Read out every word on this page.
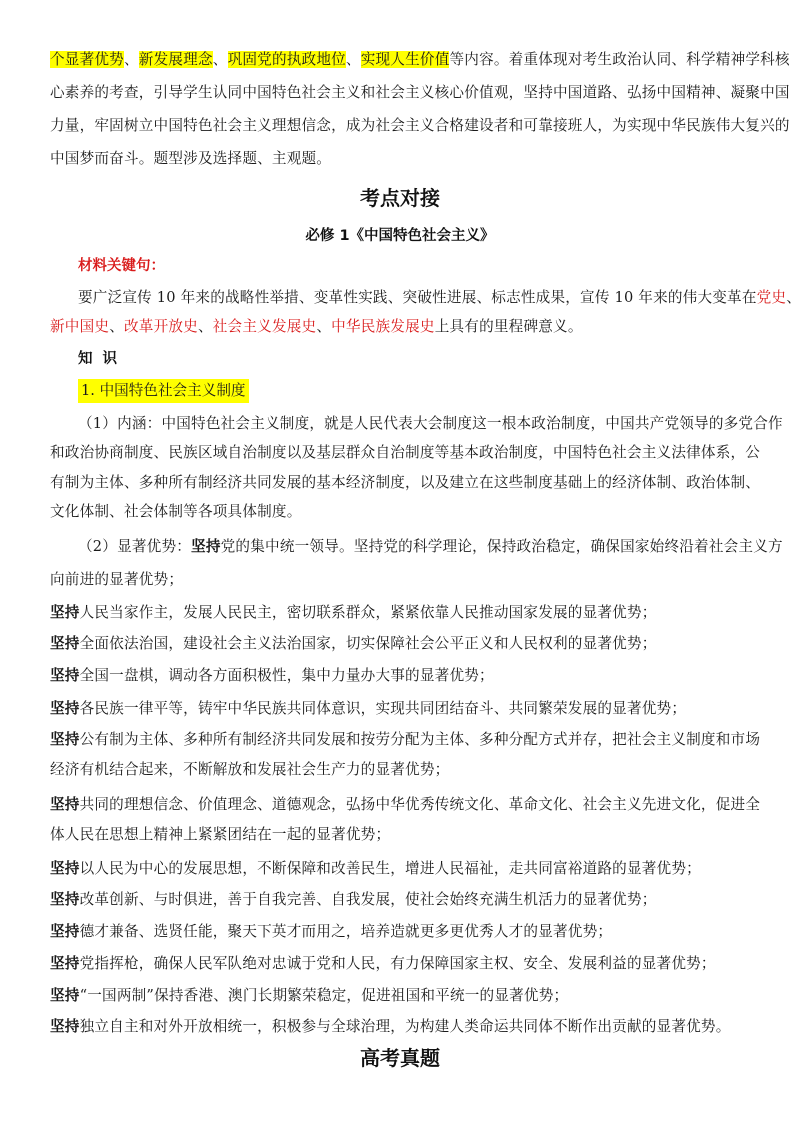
个显著优势、新发展理念、巩固党的执政地位、实现人生价值等内容。着重体现对考生政治认同、科学精神学科核
心素养的考查，引导学生认同中国特色社会主义和社会主义核心价值观，坚持中国道路、弘扬中国精神、凝聚中国
力量，牢固树立中国特色社会主义理想信念，成为社会主义合格建设者和可靠接班人，为实现中华民族伟大复兴的
中国梦而奋斗。题型涉及选择题、主观题。
考点对接
必修 1《中国特色社会主义》
材料关键句：
要广泛宣传 10 年来的战略性举措、变革性实践、突破性进展、标志性成果，宣传 10 年来的伟大变革在党史、
新中国史、改革开放史、社会主义发展史、中华民族发展史上具有的里程碑意义。
知识
1. 中国特色社会主义制度
（1）内涵：中国特色社会主义制度，就是人民代表大会制度这一根本政治制度，中国共产党领导的多党合作
和政治协商制度、民族区域自治制度以及基层群众自治制度等基本政治制度，中国特色社会主义法律体系，公
有制为主体、多种所有制经济共同发展的基本经济制度，以及建立在这些制度基础上的经济体制、政治体制、
文化体制、社会体制等各项具体制度。
（2）显著优势：坚持党的集中统一领导。坚持党的科学理论，保持政治稳定，确保国家始终沿着社会主义方
向前进的显著优势；
坚持人民当家作主，发展人民民主，密切联系群众，紧紧依靠人民推动国家发展的显著优势；
坚持全面依法治国，建设社会主义法治国家，切实保障社会公平正义和人民权利的显著优势；
坚持全国一盘棋，调动各方面积极性，集中力量办大事的显著优势；
坚持各民族一律平等，铸牢中华民族共同体意识，实现共同团结奋斗、共同繁荣发展的显著优势；
坚持公有制为主体、多种所有制经济共同发展和按劳分配为主体、多种分配方式并存，把社会主义制度和市场
经济有机结合起来，不断解放和发展社会生产力的显著优势；
坚持共同的理想信念、价值理念、道德观念，弘扬中华优秀传统文化、革命文化、社会主义先进文化，促进全
体人民在思想上精神上紧紧团结在一起的显著优势；
坚持以人民为中心的发展思想，不断保障和改善民生，增进人民福祉，走共同富裕道路的显著优势；
坚持改革创新、与时俱进，善于自我完善、自我发展，使社会始终充满生机活力的显著优势；
坚持德才兼备、选贤任能，聚天下英才而用之，培养造就更多更优秀人才的显著优势；
坚持党指挥枪，确保人民军队绝对忠诚于党和人民，有力保障国家主权、安全、发展利益的显著优势；
坚持“一国两制”保持香港、澳门长期繁荣稳定，促进祖国和平统一的显著优势；
坚持独立自主和对外开放相统一，积极参与全球治理，为构建人类命运共同体不断作出贡献的显著优势。
高考真题
